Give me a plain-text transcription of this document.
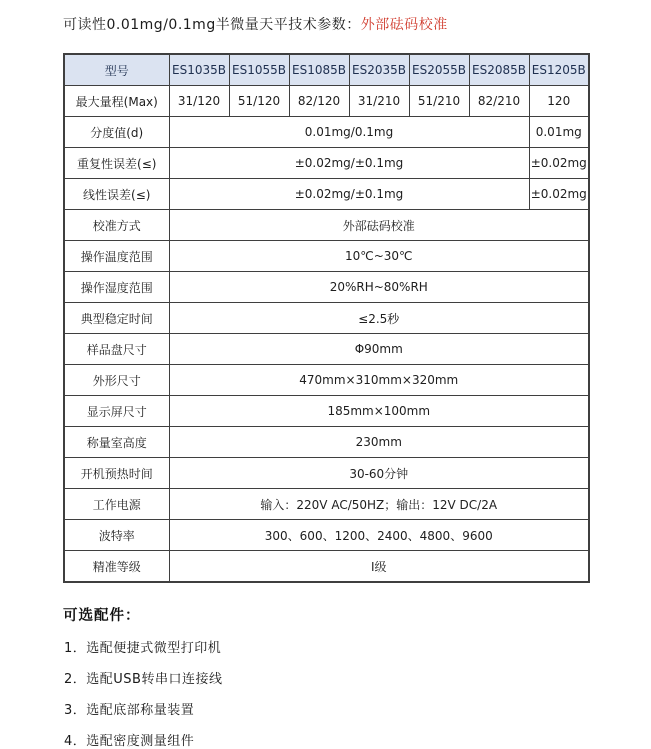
可读性0.01mg/0.1mg半微量天平技术参数：外部砝码校准

型号	ES1035B	ES1055B	ES1085B	ES2035B	ES2055B	ES2085B	ES1205B
最大量程(Max)	31/120	51/120	82/120	31/210	51/210	82/210	120
分度值(d)	0.01mg/0.1mg						0.01mg
重复性误差(≤)	±0.02mg/±0.1mg						±0.02mg
线性误差(≤)	±0.02mg/±0.1mg						±0.02mg
校准方式	外部砝码校准						
操作温度范围	10℃~30℃						
操作湿度范围	20%RH~80%RH						
典型稳定时间	≤2.5秒						
样品盘尺寸	Φ90mm						
外形尺寸	470mm×310mm×320mm						
显示屏尺寸	185mm×100mm						
称量室高度	230mm						
开机预热时间	30-60分钟						
工作电源	输入：220V AC/50HZ；输出：12V DC/2A						
波特率	300、600、1200、2400、4800、9600						
精准等级	Ⅰ级						

可选配件：

1．选配便捷式微型打印机
2．选配USB转串口连接线
3．选配底部称量装置
4．选配密度测量组件
